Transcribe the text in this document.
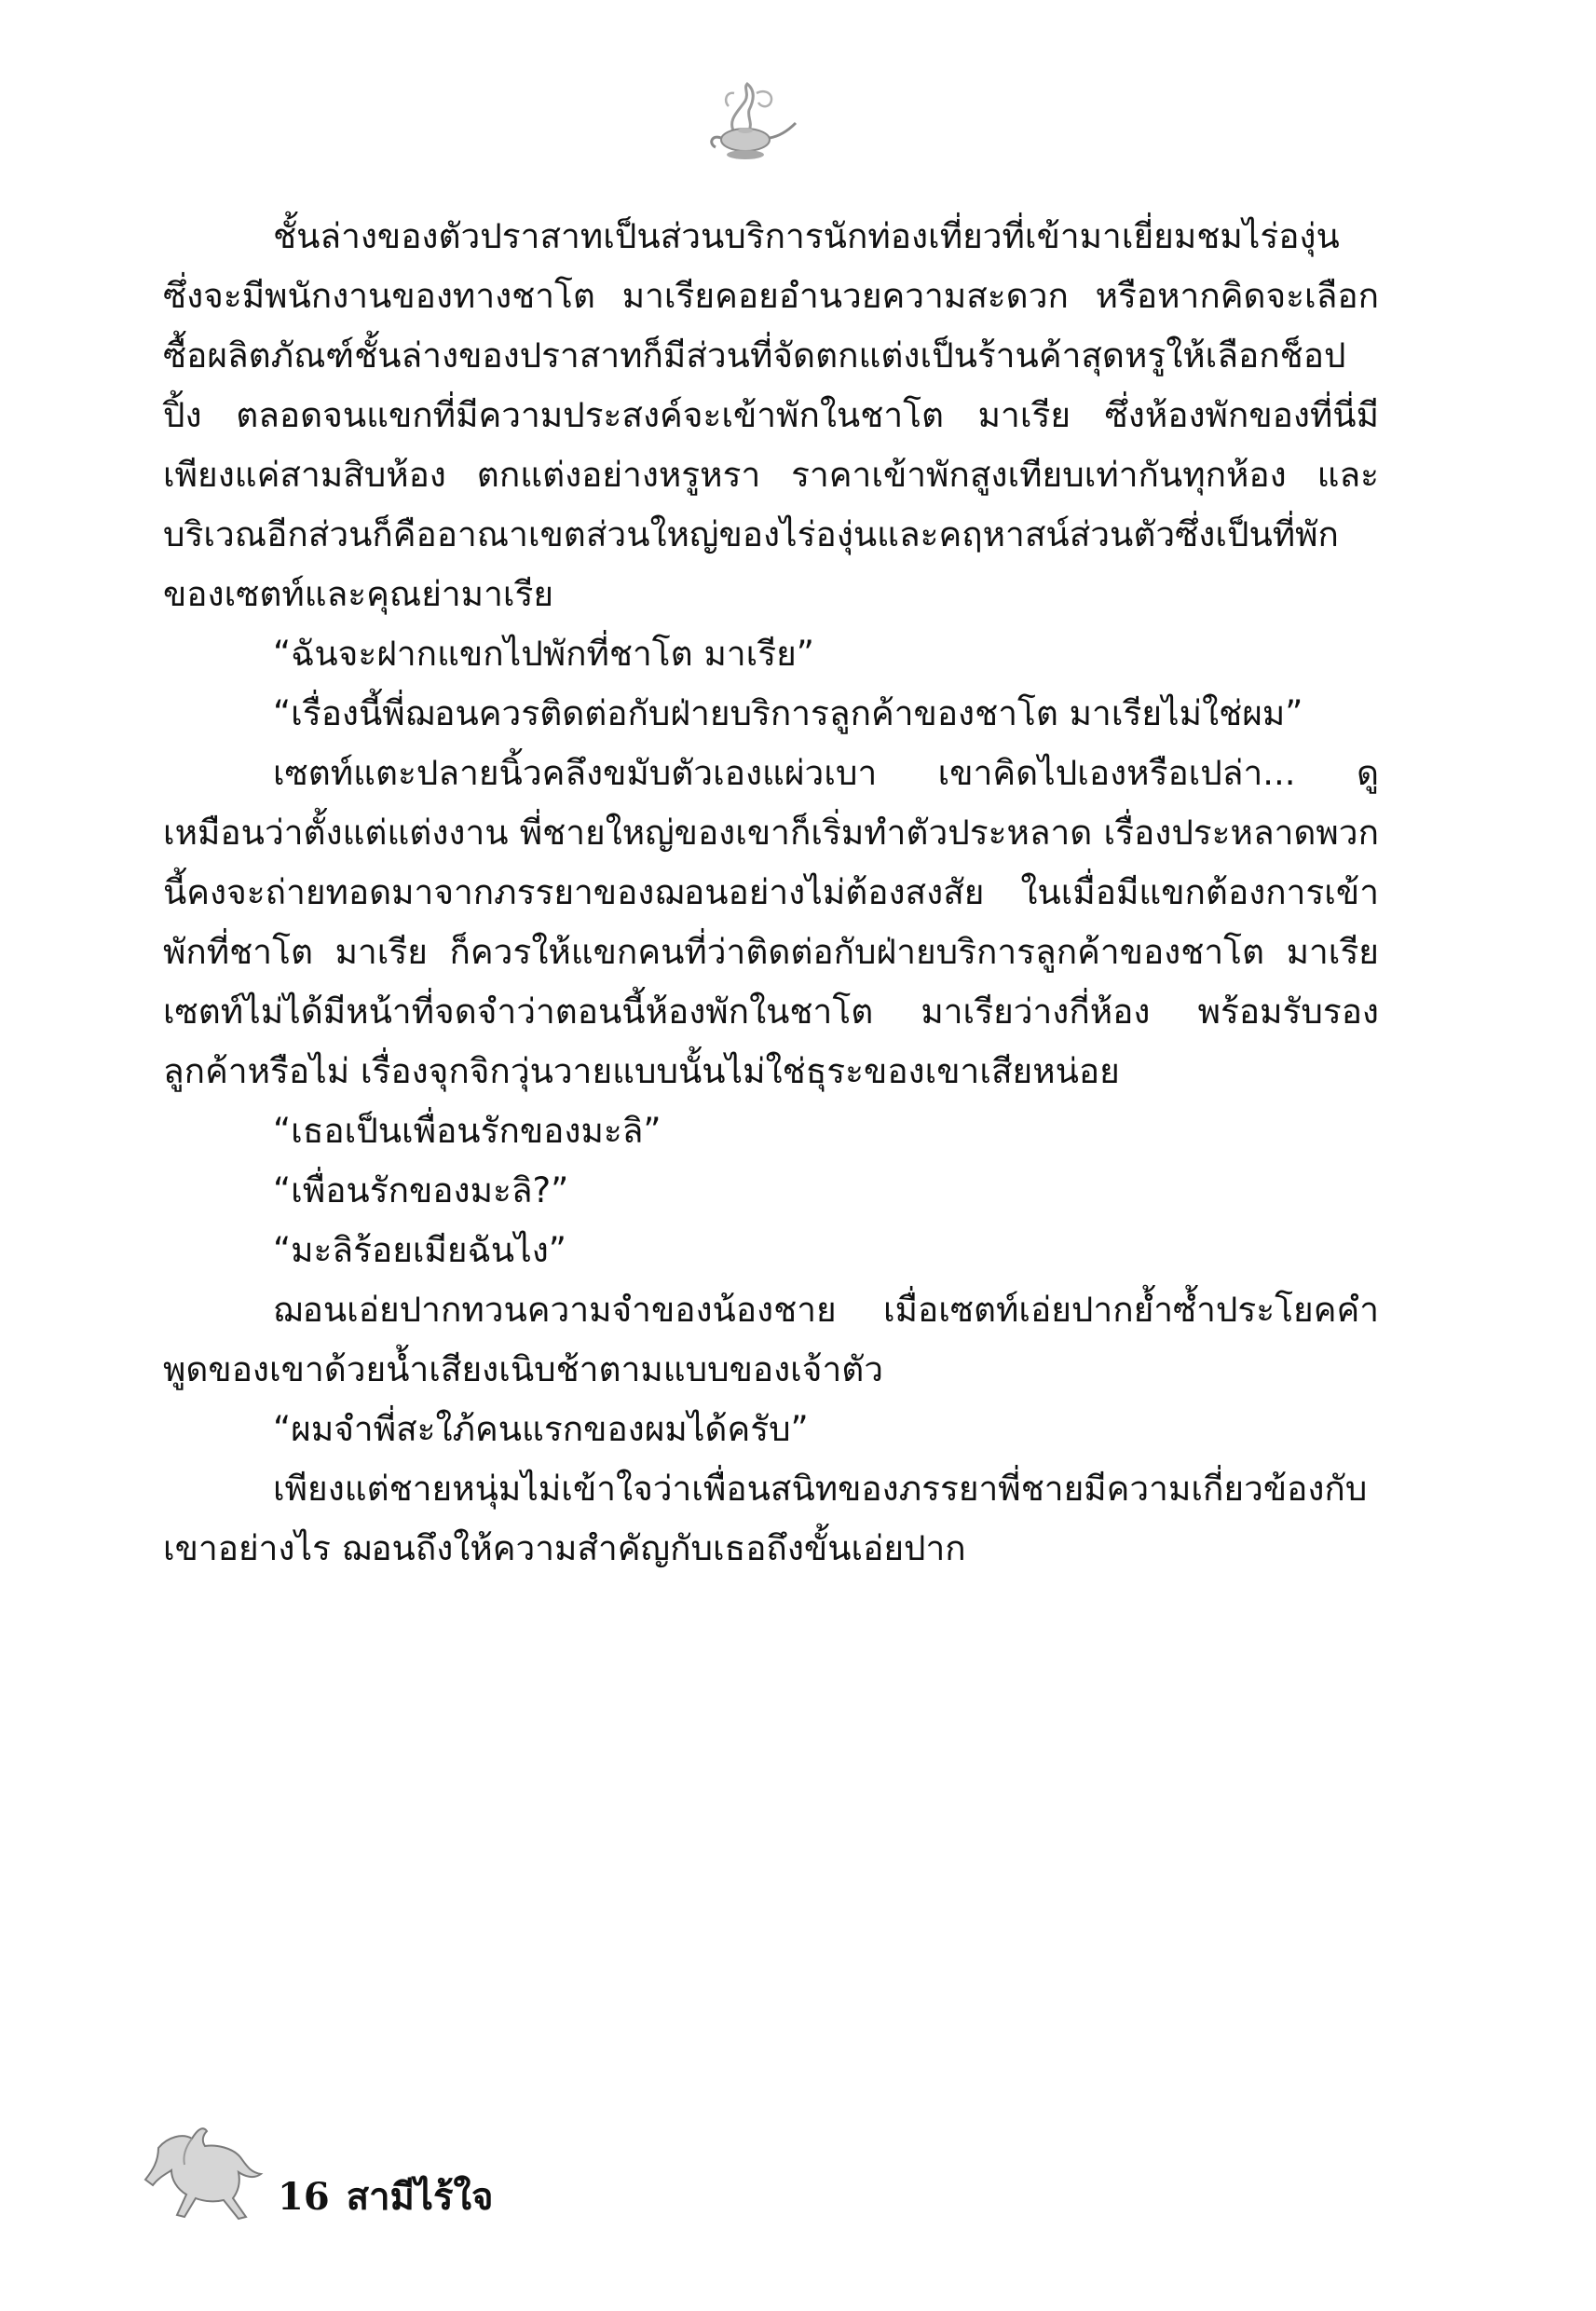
ชั้นล่างของตัวปราสาทเป็นส่วนบริการนักท่องเที่ยวที่เข้ามาเยี่ยมชมไร่องุ่น ซึ่งจะมีพนักงานของทางชาโต มาเรียคอยอำนวยความสะดวก หรือหากคิดจะเลือกซื้อผลิตภัณฑ์ชั้นล่างของปราสาทก็มีส่วนที่จัดตกแต่งเป็นร้านค้าสุดหรูให้เลือกช็อปปิ้ง ตลอดจนแขกที่มีความประสงค์จะเข้าพักในชาโต มาเรีย ซึ่งห้องพักของที่นี่มีเพียงแค่สามสิบห้อง ตกแต่งอย่างหรูหรา ราคาเข้าพักสูงเทียบเท่ากันทุกห้อง และบริเวณอีกส่วนก็คืออาณาเขตส่วนใหญ่ของไร่องุ่นและคฤหาสน์ส่วนตัวซึ่งเป็นที่พักของเซตท์และคุณย่ามาเรีย

“ฉันจะฝากแขกไปพักที่ชาโต มาเรีย”

“เรื่องนี้พี่ฌอนควรติดต่อกับฝ่ายบริการลูกค้าของชาโต มาเรียไม่ใช่ผม”

เซตท์แตะปลายนิ้วคลึงขมับตัวเองแผ่วเบา เขาคิดไปเองหรือเปล่า... ดูเหมือนว่าตั้งแต่แต่งงาน พี่ชายใหญ่ของเขาก็เริ่มทำตัวประหลาด เรื่องประหลาดพวกนี้คงจะถ่ายทอดมาจากภรรยาของฌอนอย่างไม่ต้องสงสัย ในเมื่อมีแขกต้องการเข้าพักที่ชาโต มาเรีย ก็ควรให้แขกคนที่ว่าติดต่อกับฝ่ายบริการลูกค้าของชาโต มาเรีย เซตท์ไม่ได้มีหน้าที่จดจำว่าตอนนี้ห้องพักในชาโต มาเรียว่างกี่ห้อง พร้อมรับรองลูกค้าหรือไม่ เรื่องจุกจิกวุ่นวายแบบนั้นไม่ใช่ธุระของเขาเสียหน่อย

“เธอเป็นเพื่อนรักของมะลิ”

“เพื่อนรักของมะลิ?”

“มะลิร้อยเมียฉันไง”

ฌอนเอ่ยปากทวนความจำของน้องชาย เมื่อเซตท์เอ่ยปากย้ำซ้ำประโยคคำพูดของเขาด้วยน้ำเสียงเนิบช้าตามแบบของเจ้าตัว

“ผมจำพี่สะใภ้คนแรกของผมได้ครับ”

เพียงแต่ชายหนุ่มไม่เข้าใจว่าเพื่อนสนิทของภรรยาพี่ชายมีความเกี่ยวข้องกับเขาอย่างไร ฌอนถึงให้ความสำคัญกับเธอถึงขั้นเอ่ยปาก

16 สามีไร้ใจ
